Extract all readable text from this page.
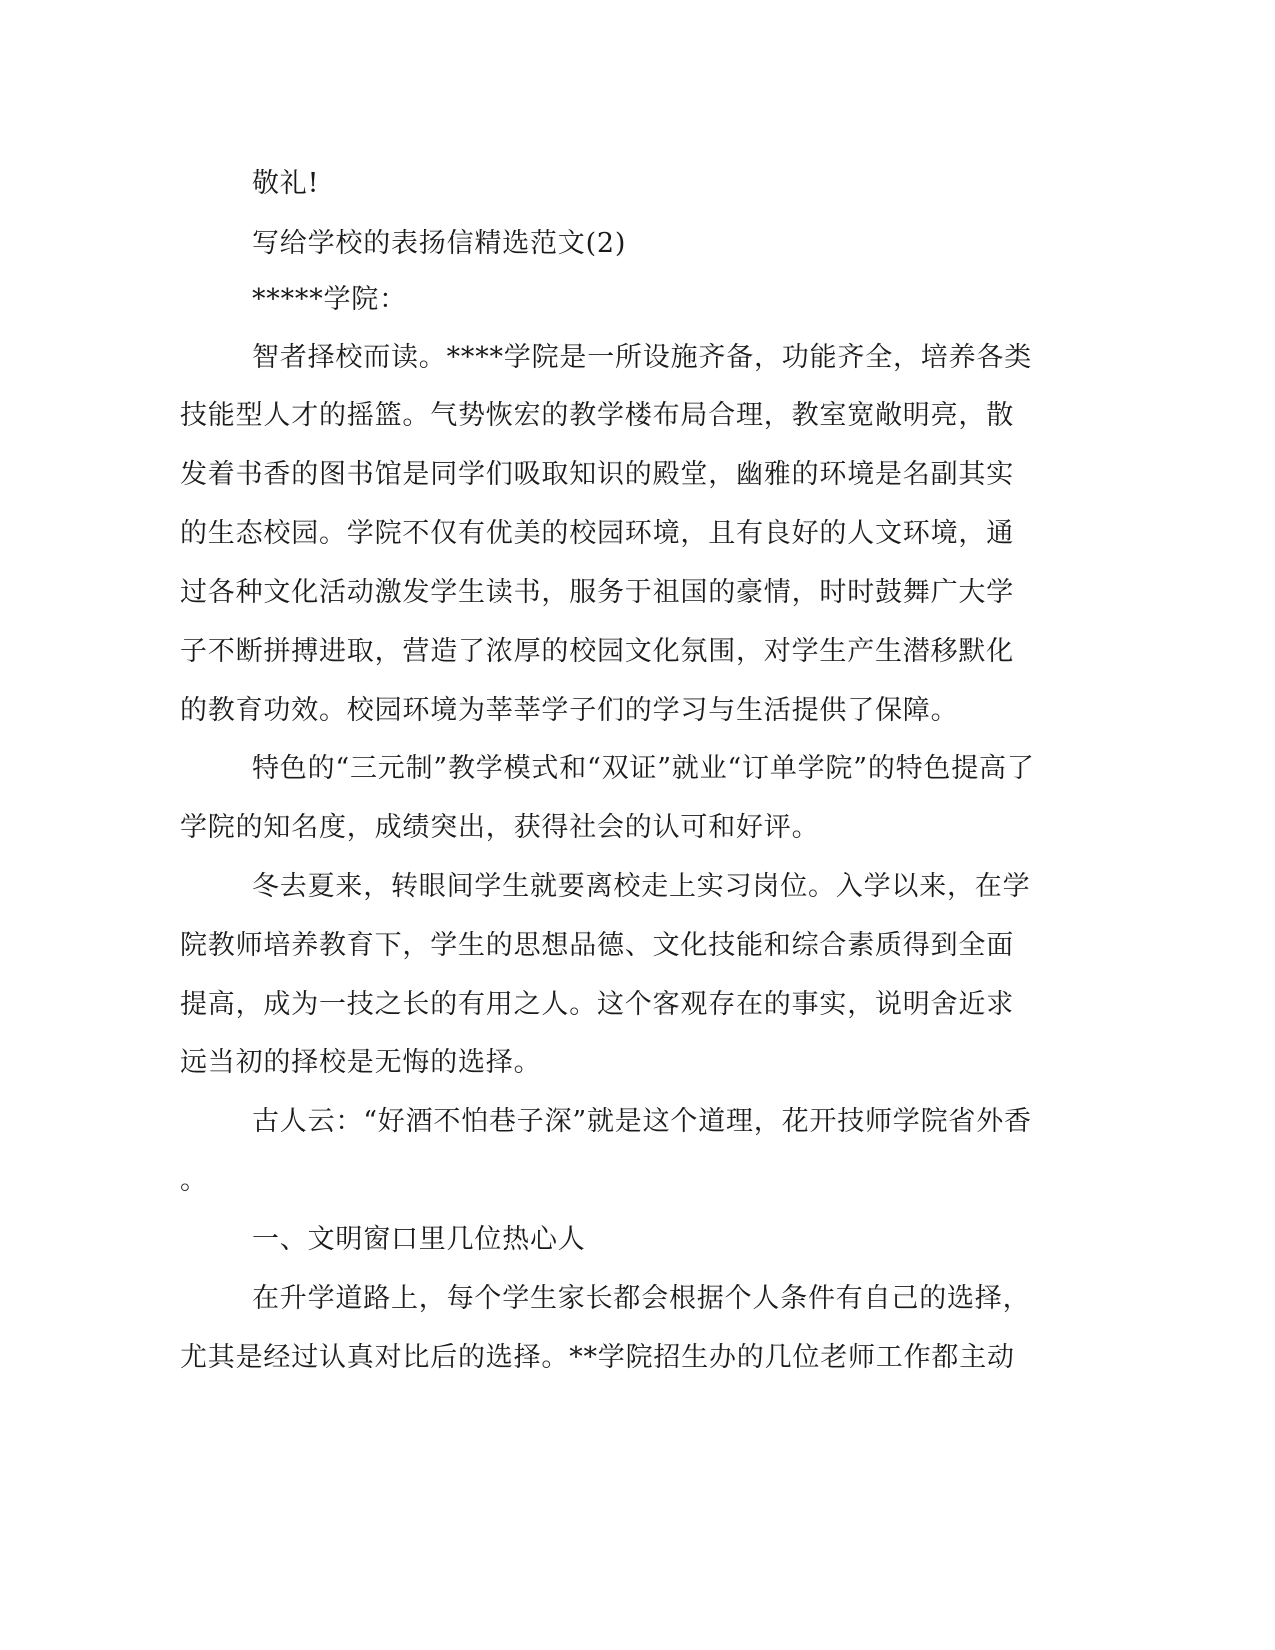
敬礼!
写给学校的表扬信精选范文(2)
*****学院：
智者择校而读。****学院是一所设施齐备，功能齐全，培养各类
技能型人才的摇篮。气势恢宏的教学楼布局合理，教室宽敞明亮，散
发着书香的图书馆是同学们吸取知识的殿堂，幽雅的环境是名副其实
的生态校园。学院不仅有优美的校园环境，且有良好的人文环境，通
过各种文化活动激发学生读书，服务于祖国的豪情，时时鼓舞广大学
子不断拼搏进取，营造了浓厚的校园文化氛围，对学生产生潜移默化
的教育功效。校园环境为莘莘学子们的学习与生活提供了保障。
特色的“三元制”教学模式和“双证”就业“订单学院”的特色提高了
学院的知名度，成绩突出，获得社会的认可和好评。
冬去夏来，转眼间学生就要离校走上实习岗位。入学以来，在学
院教师培养教育下，学生的思想品德、文化技能和综合素质得到全面
提高，成为一技之长的有用之人。这个客观存在的事实，说明舍近求
远当初的择校是无悔的选择。
古人云：“好酒不怕巷子深”就是这个道理，花开技师学院省外香
。
一、文明窗口里几位热心人
在升学道路上，每个学生家长都会根据个人条件有自己的选择，
尤其是经过认真对比后的选择。**学院招生办的几位老师工作都主动
